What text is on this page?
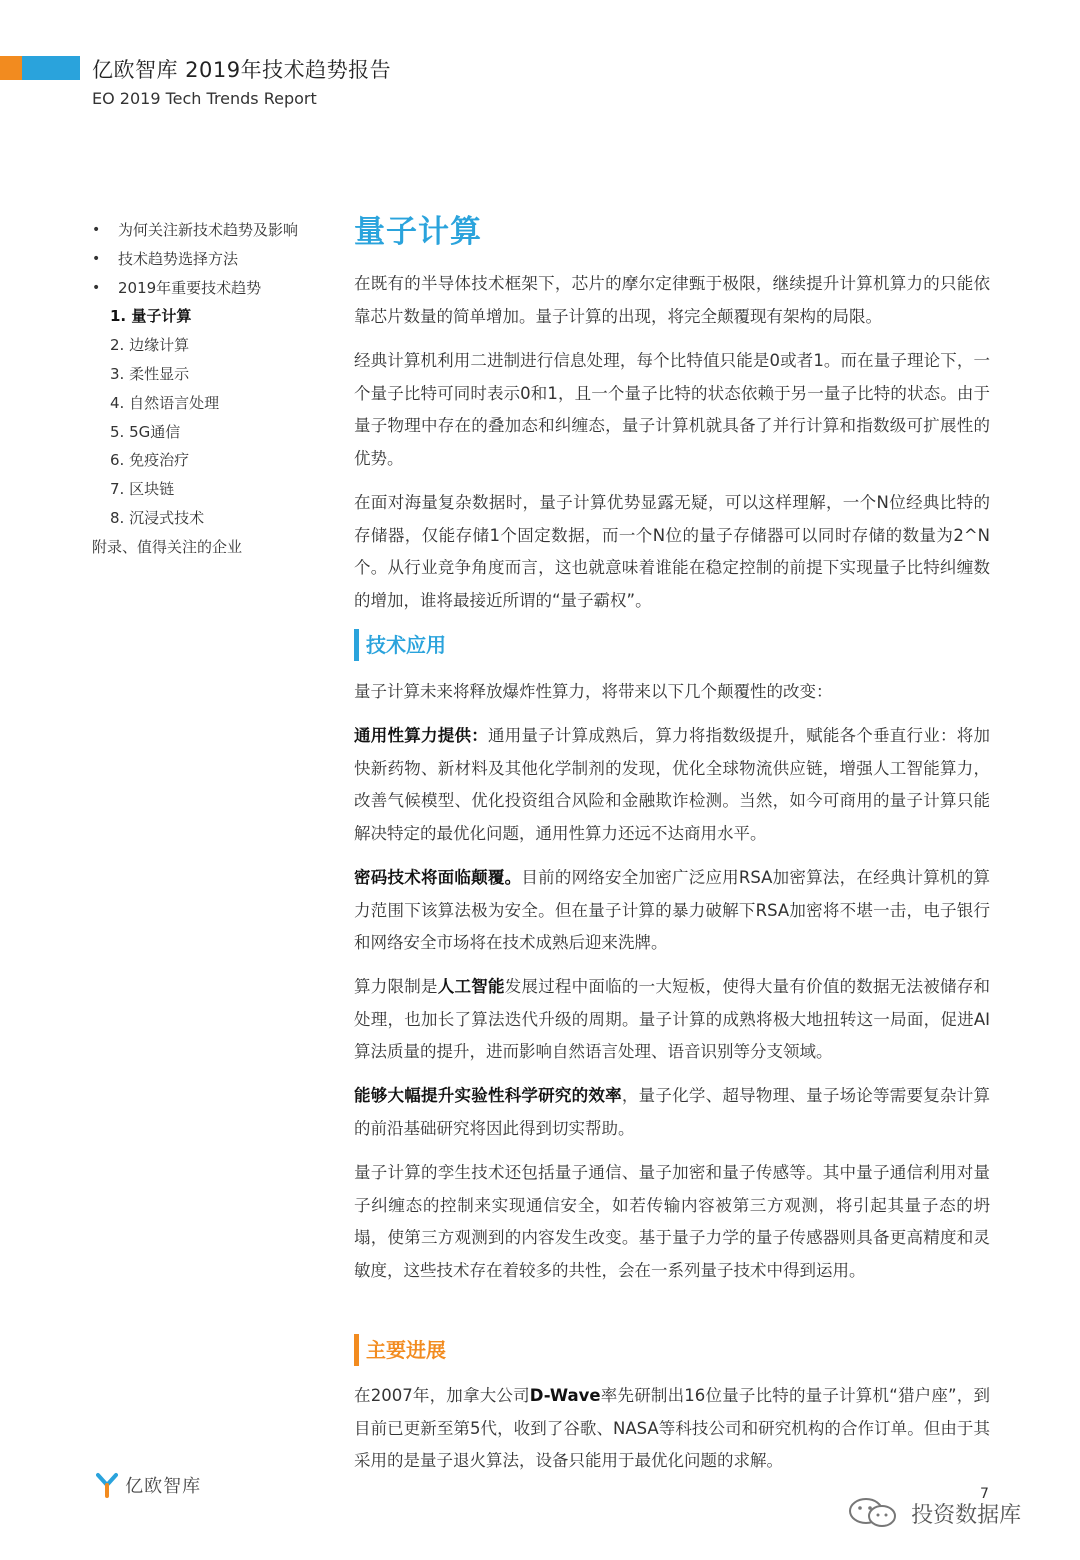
亿欧智库 2019年技术趋势报告
EO 2019 Tech Trends Report
• 为何关注新技术趋势及影响
• 技术趋势选择方法
• 2019年重要技术趋势
1. 量子计算
2. 边缘计算
3. 柔性显示
4. 自然语言处理
5. 5G通信
6. 免疫治疗
7. 区块链
8. 沉浸式技术
附录、值得关注的企业
量子计算
在既有的半导体技术框架下，芯片的摩尔定律甄于极限，继续提升计算机算力的只能依靠芯片数量的简单增加。量子计算的出现，将完全颠覆现有架构的局限。
经典计算机利用二进制进行信息处理，每个比特值只能是0或者1。而在量子理论下，一个量子比特可同时表示0和1，且一个量子比特的状态依赖于另一量子比特的状态。由于量子物理中存在的叠加态和纠缠态，量子计算机就具备了并行计算和指数级可扩展性的优势。
在面对海量复杂数据时，量子计算优势显露无疑，可以这样理解，一个N位经典比特的存储器，仅能存储1个固定数据，而一个N位的量子存储器可以同时存储的数量为2^N个。从行业竞争角度而言，这也就意味着谁能在稳定控制的前提下实现量子比特纠缠数的增加，谁将最接近所谓的“量子霸权”。
技术应用
量子计算未来将释放爆炸性算力，将带来以下几个颠覆性的改变：
通用性算力提供：通用量子计算成熟后，算力将指数级提升，赋能各个垂直行业：将加快新药物、新材料及其他化学制剂的发现，优化全球物流供应链，增强人工智能算力，改善气候模型、优化投资组合风险和金融欺诈检测。当然，如今可商用的量子计算只能解决特定的最优化问题，通用性算力还远不达商用水平。
密码技术将面临颠覆。目前的网络安全加密广泛应用RSA加密算法，在经典计算机的算力范围下该算法极为安全。但在量子计算的暴力破解下RSA加密将不堪一击，电子银行和网络安全市场将在技术成熟后迎来洗牌。
算力限制是人工智能发展过程中面临的一大短板，使得大量有价值的数据无法被储存和处理，也加长了算法迭代升级的周期。量子计算的成熟将极大地扭转这一局面，促进AI算法质量的提升，进而影响自然语言处理、语音识别等分支领域。
能够大幅提升实验性科学研究的效率，量子化学、超导物理、量子场论等需要复杂计算的前沿基础研究将因此得到切实帮助。
量子计算的孪生技术还包括量子通信、量子加密和量子传感等。其中量子通信利用对量子纠缠态的控制来实现通信安全，如若传输内容被第三方观测，将引起其量子态的坍塌，使第三方观测到的内容发生改变。基于量子力学的量子传感器则具备更高精度和灵敏度，这些技术存在着较多的共性，会在一系列量子技术中得到运用。
主要进展
在2007年，加拿大公司D-Wave率先研制出16位量子比特的量子计算机“猎户座”，到目前已更新至第5代，收到了谷歌、NASA等科技公司和研究机构的合作订单。但由于其采用的是量子退火算法，设备只能用于最优化问题的求解。
亿欧智库	7
投资数据库
